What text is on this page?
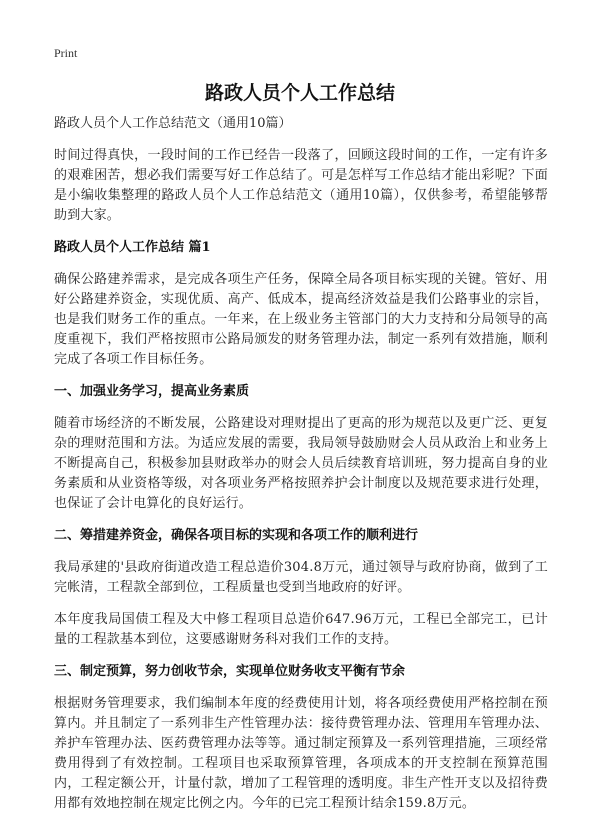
Print
路政人员个人工作总结

路政人员个人工作总结范文（通用10篇）

时间过得真快，一段时间的工作已经告一段落了，回顾这段时间的工作，一定有许多的艰难困苦，想必我们需要写好工作总结了。可是怎样写工作总结才能出彩呢？下面是小编收集整理的路政人员个人工作总结范文（通用10篇），仅供参考，希望能够帮助到大家。

路政人员个人工作总结 篇1

确保公路建养需求，是完成各项生产任务，保障全局各项目标实现的关键。管好、用好公路建养资金，实现优质、高产、低成本，提高经济效益是我们公路事业的宗旨，也是我们财务工作的重点。一年来，在上级业务主管部门的大力支持和分局领导的高度重视下，我们严格按照市公路局颁发的财务管理办法，制定一系列有效措施，顺利完成了各项工作目标任务。

一、加强业务学习，提高业务素质

随着市场经济的不断发展，公路建设对理财提出了更高的形为规范以及更广泛、更复杂的理财范围和方法。为适应发展的需要，我局领导鼓励财会人员从政治上和业务上不断提高自己，积极参加县财政举办的财会人员后续教育培训班，努力提高自身的业务素质和从业资格等级，对各项业务严格按照养护会计制度以及规范要求进行处理，也保证了会计电算化的良好运行。

二、筹措建养资金，确保各项目标的实现和各项工作的顺利进行

我局承建的'县政府街道改造工程总造价304.8万元，通过领导与政府协商，做到了工完帐清，工程款全部到位，工程质量也受到当地政府的好评。

本年度我局国债工程及大中修工程项目总造价647.96万元，工程已全部完工，已计量的工程款基本到位，这要感谢财务科对我们工作的支持。

三、制定预算，努力创收节余，实现单位财务收支平衡有节余

根据财务管理要求，我们编制本年度的经费使用计划，将各项经费使用严格控制在预算内。并且制定了一系列非生产性管理办法：接待费管理办法、管理用车管理办法、养护车管理办法、医药费管理办法等等。通过制定预算及一系列管理措施，三项经常费用得到了有效控制。工程项目也采取预算管理，各项成本的开支控制在预算范围内，工程定额公开，计量付款，增加了工程管理的透明度。非生产性开支以及招待费用都有效地控制在规定比例之内。今年的已完工程预计结余159.8万元。
